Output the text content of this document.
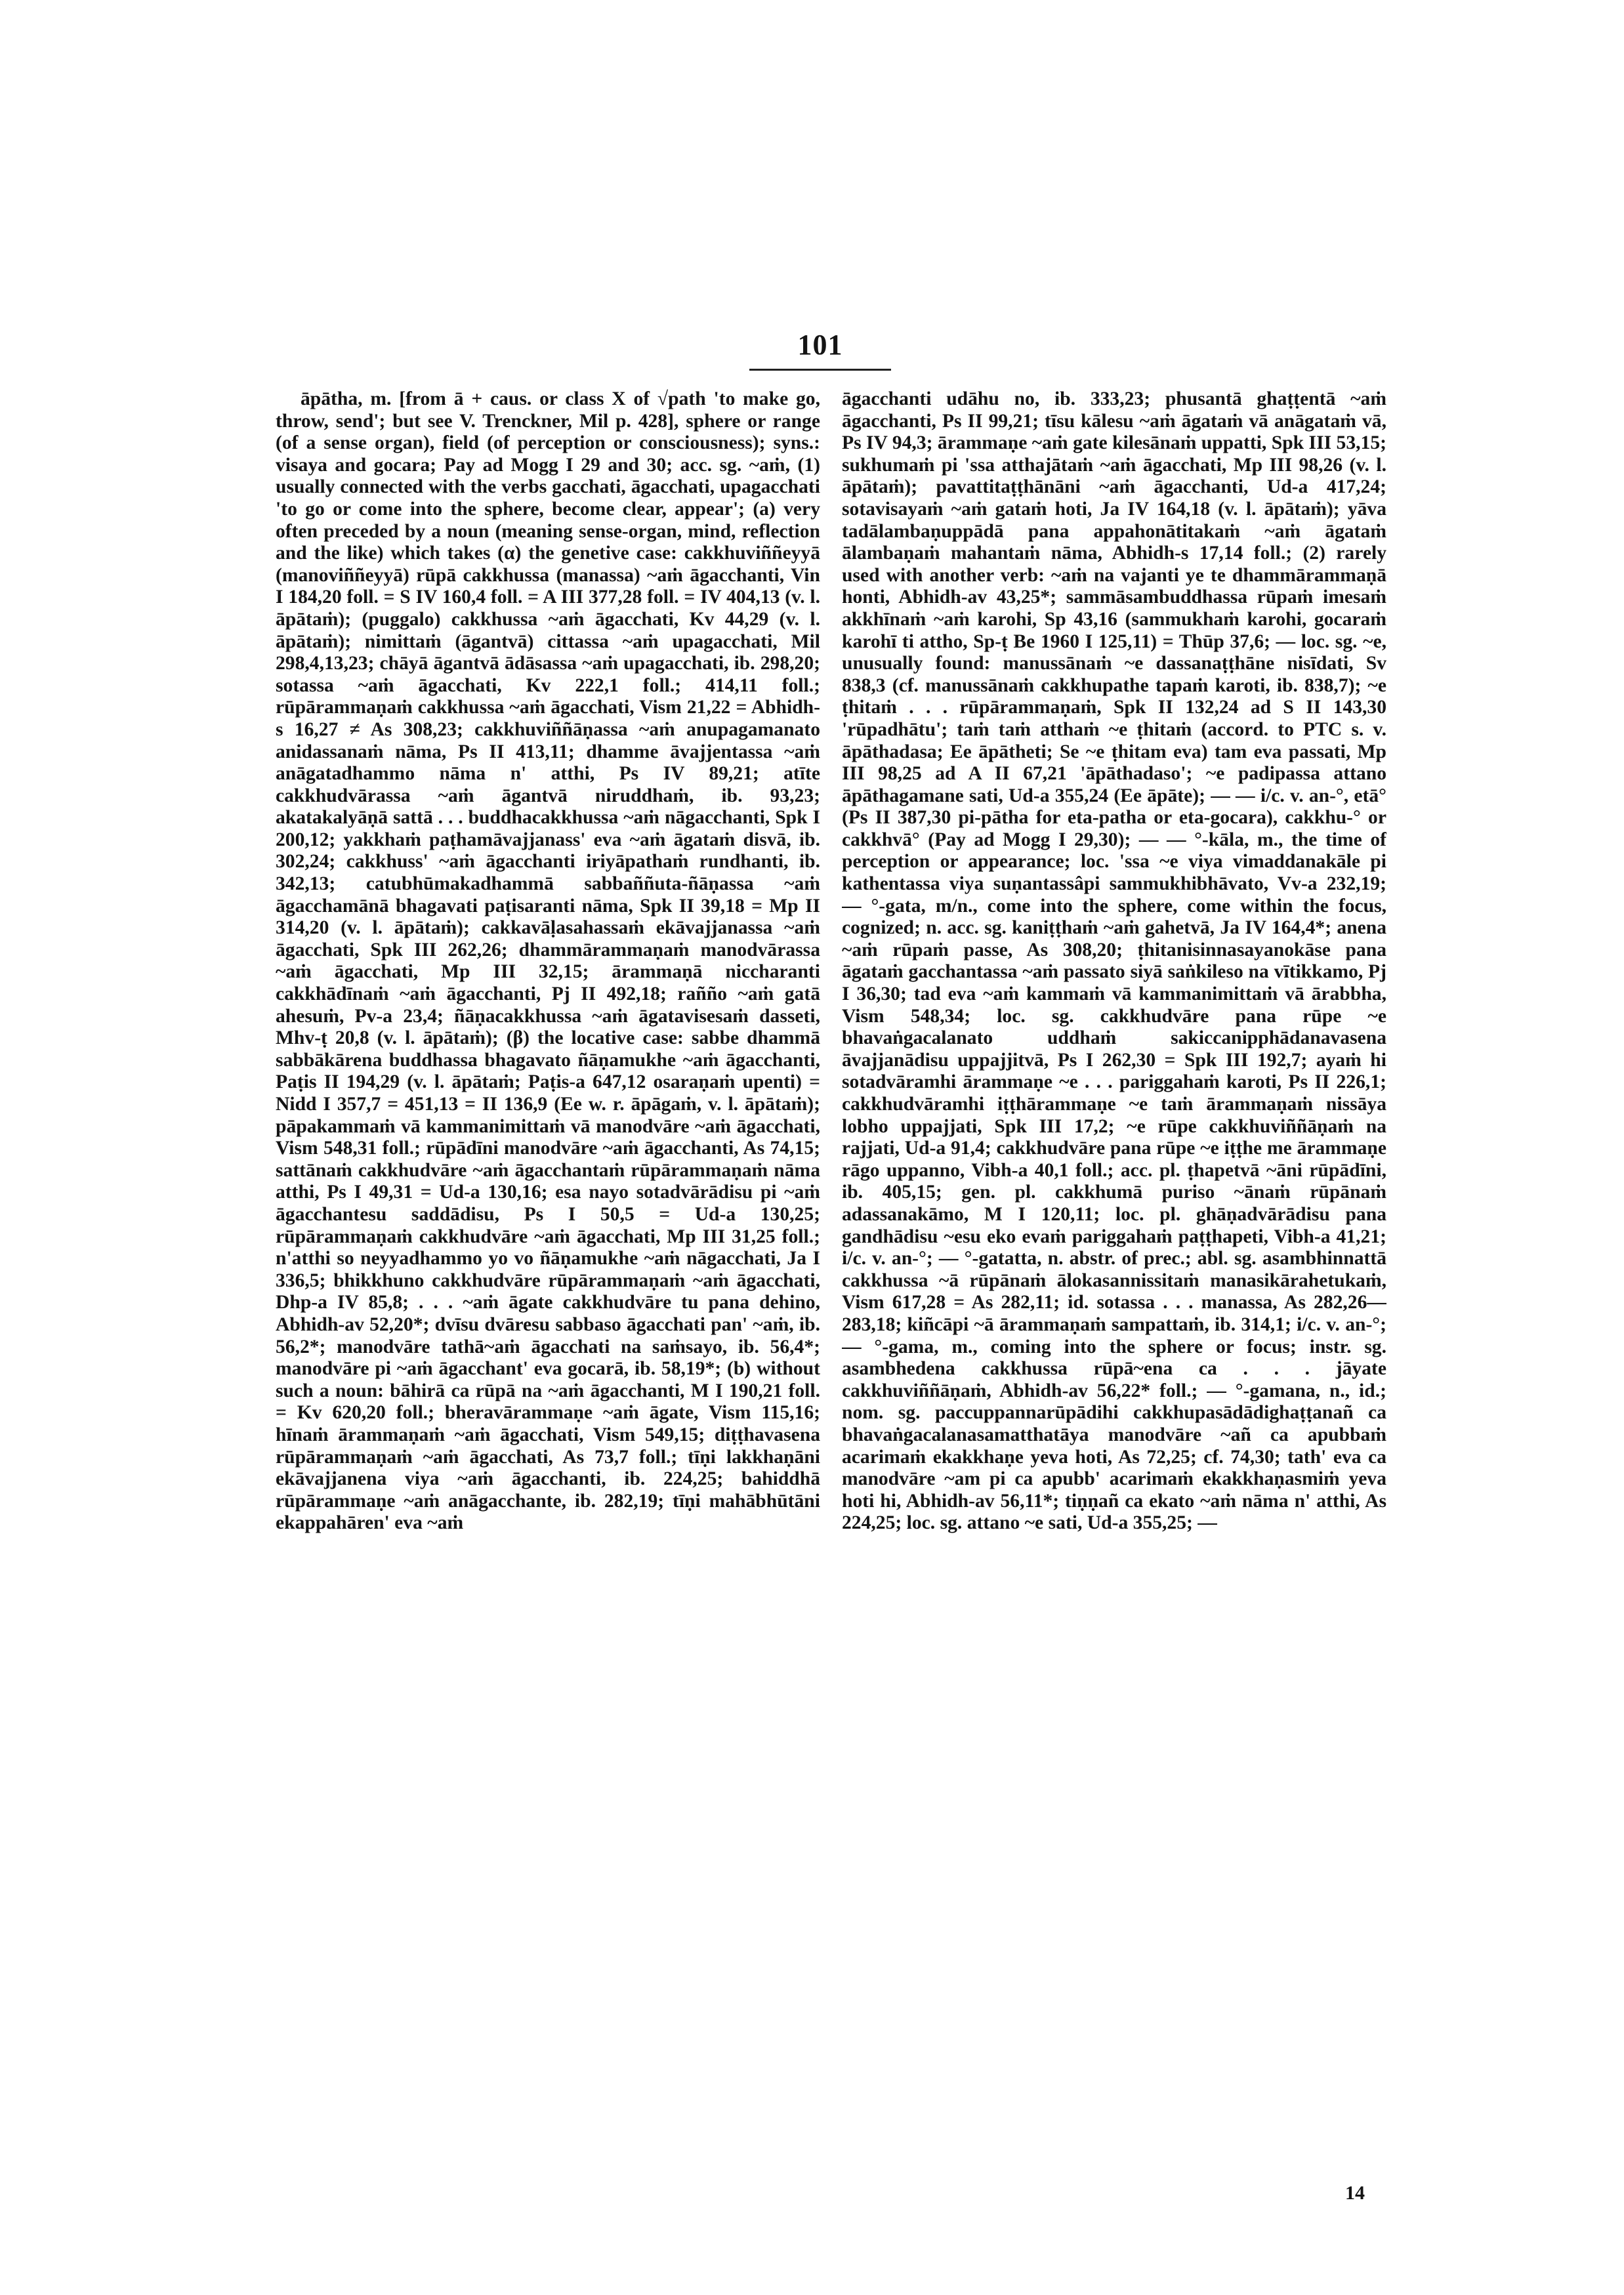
101
āpātha, m. [from ā + caus. or class X of √path 'to make go, throw, send'; but see V. Trenckner, Mil p. 428], sphere or range (of a sense organ), field (of perception or consciousness); syns.: visaya and gocara; Pay ad Mogg I 29 and 30; acc. sg. ~aṁ, (1) usually connected with the verbs gacchati, āgacchati, upagacchati 'to go or come into the sphere, become clear, appear'; (a) very often preceded by a noun (meaning sense-organ, mind, reflection and the like) which takes (α) the genetive case: cakkhuviññeyyā (manoviññeyyā) rūpā cakkhussa (manassa) ~aṁ āgacchanti, Vin I 184,20 foll. = S IV 160,4 foll. = A III 377,28 foll. = IV 404,13 (v. l. āpātaṁ); (puggalo) cakkhussa ~aṁ āgacchati, Kv 44,29 (v. l. āpātaṁ); nimittaṁ (āgantvā) cittassa ~aṁ upagacchati, Mil 298,4,13,23; chāyā āgantvā ādāsassa ~aṁ upagacchati, ib. 298,20; sotassa ~aṁ āgacchati, Kv 222,1 foll.; 414,11 foll.; rūpārammaṇaṁ cakkhussa ~aṁ āgacchati, Vism 21,22 = Abhidh-s 16,27 ≠ As 308,23; cakkhuviññāṇassa ~aṁ anupagamanato anidassanaṁ nāma, Ps II 413,11; dhamme āvajjentassa ~aṁ anāgatadhammo nāma n' atthi, Ps IV 89,21; atīte cakkhudvārassa ~aṁ āgantvā niruddhaṁ, ib. 93,23; akatakalyāṇā sattā . . . buddhacakkhussa ~aṁ nāgacchanti, Spk I 200,12; yakkhaṁ paṭhamāvajjanass' eva ~aṁ āgataṁ disvā, ib. 302,24; cakkhuss' ~aṁ āgacchanti iriyāpathaṁ rundhanti, ib. 342,13; catubhūmakadhammā sabbaññuta-ñāṇassa ~aṁ āgacchamānā bhagavati paṭisaranti nāma, Spk II 39,18 = Mp II 314,20 (v. l. āpātaṁ); cakkavāḷasahassaṁ ekāvajjanassa ~aṁ āgacchati, Spk III 262,26; dhammārammaṇaṁ manodvārassa ~aṁ āgacchati, Mp III 32,15; ārammaṇā niccharanti cakkhādīnaṁ ~aṁ āgacchanti, Pj II 492,18; rañño ~aṁ gatā ahesuṁ, Pv-a 23,4; ñāṇacakkhussa ~aṁ āgatavisesaṁ dasseti, Mhv-ṭ 20,8 (v. l. āpātaṁ); (β) the locative case: sabbe dhammā sabbākārena buddhassa bhagavato ñāṇamukhe ~aṁ āgacchanti, Paṭis II 194,29 (v. l. āpātaṁ; Paṭis-a 647,12 osaraṇaṁ upenti) = Nidd I 357,7 = 451,13 = II 136,9 (Ee w. r. āpāgaṁ, v. l. āpātaṁ); pāpakammaṁ vā kammanimittaṁ vā manodvāre ~aṁ āgacchati, Vism 548,31 foll.; rūpādīni manodvāre ~aṁ āgacchanti, As 74,15; sattānaṁ cakkhudvāre ~aṁ āgacchantaṁ rūpārammaṇaṁ nāma atthi, Ps I 49,31 = Ud-a 130,16; esa nayo sotadvārādisu pi ~aṁ āgacchantesu saddādisu, Ps I 50,5 = Ud-a 130,25; rūpārammaṇaṁ cakkhudvāre ~aṁ āgacchati, Mp III 31,25 foll.; n'atthi so neyyadhammo yo vo ñāṇamukhe ~aṁ nāgacchati, Ja I 336,5; bhikkhuno cakkhudvāre rūpārammaṇaṁ ~aṁ āgacchati, Dhp-a IV 85,8; . . . ~aṁ āgate cakkhudvāre tu pana dehino, Abhidh-av 52,20*; dvīsu dvāresu sabbaso āgacchati pan' ~aṁ, ib. 56,2*; manodvāre tathā~aṁ āgacchati na saṁsayo, ib. 56,4*; manodvāre pi ~aṁ āgacchant' eva gocarā, ib. 58,19*; (b) without such a noun: bāhirā ca rūpā na ~aṁ āgacchanti, M I 190,21 foll. = Kv 620,20 foll.; bheravārammaṇe ~aṁ āgate, Vism 115,16; hīnaṁ ārammaṇaṁ ~aṁ āgacchati, Vism 549,15; diṭṭhavasena rūpārammaṇaṁ ~aṁ āgacchati, As 73,7 foll.; tīṇi lakkhaṇāni ekāvajjanena viya ~aṁ āgacchanti, ib. 224,25; bahiddhā rūpārammaṇe ~aṁ anāgacchante, ib. 282,19; tīṇi mahābhūtāni ekappahāren' eva ~aṁ
āgacchanti udāhu no, ib. 333,23; phusantā ghaṭṭentā ~aṁ āgacchanti, Ps II 99,21; tīsu kālesu ~aṁ āgataṁ vā anāgataṁ vā, Ps IV 94,3; ārammaṇe ~aṁ gate kilesānaṁ uppatti, Spk III 53,15; sukhumaṁ pi 'ssa atthajātaṁ ~aṁ āgacchati, Mp III 98,26 (v. l. āpātaṁ); pavattitaṭṭhānāni ~aṁ āgacchanti, Ud-a 417,24; sotavisayaṁ ~aṁ gataṁ hoti, Ja IV 164,18 (v. l. āpātaṁ); yāva tadālambaṇuppādā pana appahonātitakaṁ ~aṁ āgataṁ ālambaṇaṁ mahantaṁ nāma, Abhidh-s 17,14 foll.; (2) rarely used with another verb: ~aṁ na vajanti ye te dhammārammaṇā honti, Abhidh-av 43,25*; sammāsambuddhassa rūpaṁ imesaṁ akkhīnaṁ ~aṁ karohi, Sp 43,16 (sammukhaṁ karohi, gocaraṁ karohī ti attho, Sp-ṭ Be 1960 I 125,11) = Thūp 37,6; — loc. sg. ~e, unusually found: manussānaṁ ~e dassanaṭṭhāne nisīdati, Sv 838,3 (cf. manussānaṁ cakkhupathe tapaṁ karoti, ib. 838,7); ~e ṭhitaṁ . . . rūpārammaṇaṁ, Spk II 132,24 ad S II 143,30 'rūpadhātu'; taṁ taṁ atthaṁ ~e ṭhitaṁ (accord. to PTC s. v. āpāthadasa; Ee āpātheti; Se ~e ṭhitam eva) tam eva passati, Mp III 98,25 ad A II 67,21 'āpāthadaso'; ~e padipassa attano āpāthagamane sati, Ud-a 355,24 (Ee āpāte); — — i/c. v. an-°, etā° (Ps II 387,30 pi-pātha for eta-patha or eta-gocara), cakkhu-° or cakkhvā° (Pay ad Mogg I 29,30); — — °-kāla, m., the time of perception or appearance; loc. 'ssa ~e viya vimaddanakāle pi kathentassa viya suṇantassâpi sammukhibhāvato, Vv-a 232,19; — °-gata, m/n., come into the sphere, come within the focus, cognized; n. acc. sg. kaniṭṭhaṁ ~aṁ gahetvā, Ja IV 164,4*; anena ~aṁ rūpaṁ passe, As 308,20; ṭhitanisinnasayanokāse pana āgataṁ gacchantassa ~aṁ passato siyā saṅkileso na vītikkamo, Pj I 36,30; tad eva ~aṁ kammaṁ vā kammanimittaṁ vā ārabbha, Vism 548,34; loc. sg. cakkhudvāre pana rūpe ~e bhavaṅgacalanato uddhaṁ sakiccanipphādanavasena āvajjanādisu uppajjitvā, Ps I 262,30 = Spk III 192,7; ayaṁ hi sotadvāramhi ārammaṇe ~e . . . pariggahaṁ karoti, Ps II 226,1; cakkhudvāramhi iṭṭhārammaṇe ~e taṁ ārammaṇaṁ nissāya lobho uppajjati, Spk III 17,2; ~e rūpe cakkhuviññāṇaṁ na rajjati, Ud-a 91,4; cakkhudvāre pana rūpe ~e iṭṭhe me ārammaṇe rāgo uppanno, Vibh-a 40,1 foll.; acc. pl. ṭhapetvā ~āni rūpādīni, ib. 405,15; gen. pl. cakkhumā puriso ~ānaṁ rūpānaṁ adassanakāmo, M I 120,11; loc. pl. ghāṇadvārādisu pana gandhādisu ~esu eko evaṁ pariggahaṁ paṭṭhapeti, Vibh-a 41,21; i/c. v. an-°; — °-gatatta, n. abstr. of prec.; abl. sg. asambhinnattā cakkhussa ~ā rūpānaṁ ālokasannissitaṁ manasikārahetukaṁ, Vism 617,28 = As 282,11; id. sotassa . . . manassa, As 282,26—283,18; kiñcāpi ~ā ārammaṇaṁ sampattaṁ, ib. 314,1; i/c. v. an-°; — °-gama, m., coming into the sphere or focus; instr. sg. asambhedena cakkhussa rūpā~ena ca . . . jāyate cakkhuviññāṇaṁ, Abhidh-av 56,22* foll.; — °-gamana, n., id.; nom. sg. paccuppannarūpādihi cakkhupasādādighaṭṭanañ ca bhavaṅgacalanasamatthatāya manodvāre ~añ ca apubbaṁ acarimaṁ ekakkhaṇe yeva hoti, As 72,25; cf. 74,30; tath' eva ca manodvāre ~am pi ca apubb' acarimaṁ ekakkhaṇasmiṁ yeva hoti hi, Abhidh-av 56,11*; tiṇṇañ ca ekato ~aṁ nāma n' atthi, As 224,25; loc. sg. attano ~e sati, Ud-a 355,25; —
14
